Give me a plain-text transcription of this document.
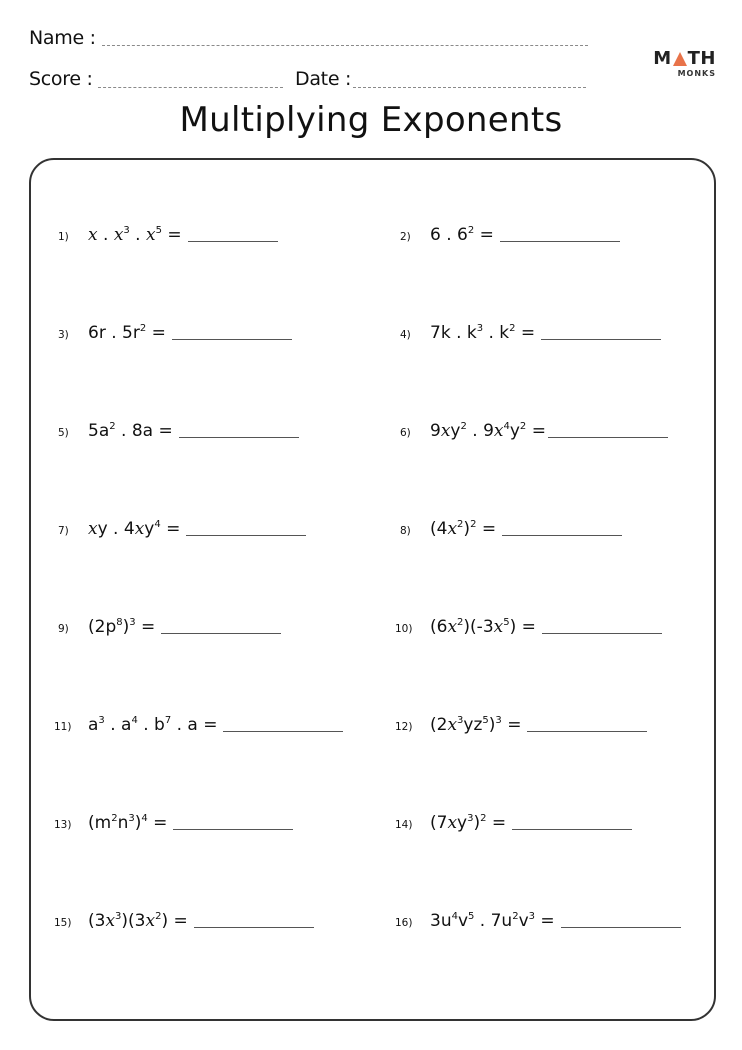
Name :
Score :	Date :
M TH
MONKS
Multiplying Exponents
1)	x . $x^3$ . $x^5$ =	2)	6 . $6^2$ =
3)	6r . $5r^2$ =	4)	7k . $k^3$ . $k^2$ =
5)	$5a^2$ . 8a =	6)	$9xy^2$ . $9x^4y^2$ =
7)	xy . $4xy^4$ =	8)	$(4x^2)^2$ =
9)	$(2p^8)^3$ =	10)	$(6x^2)(-3x^5)$ =
11) $a^3$ . $a^4$ . $b^7$ . a =	12)	$(2x^3yz^5)^3$ =
13) $(m^2n^3)^4$ =	14)	$(7xy^3)^2$ =
15) $(3x^3)(3x^2)$ =	16)	$3u^4v^5$ . $7u^2v^3$ =
